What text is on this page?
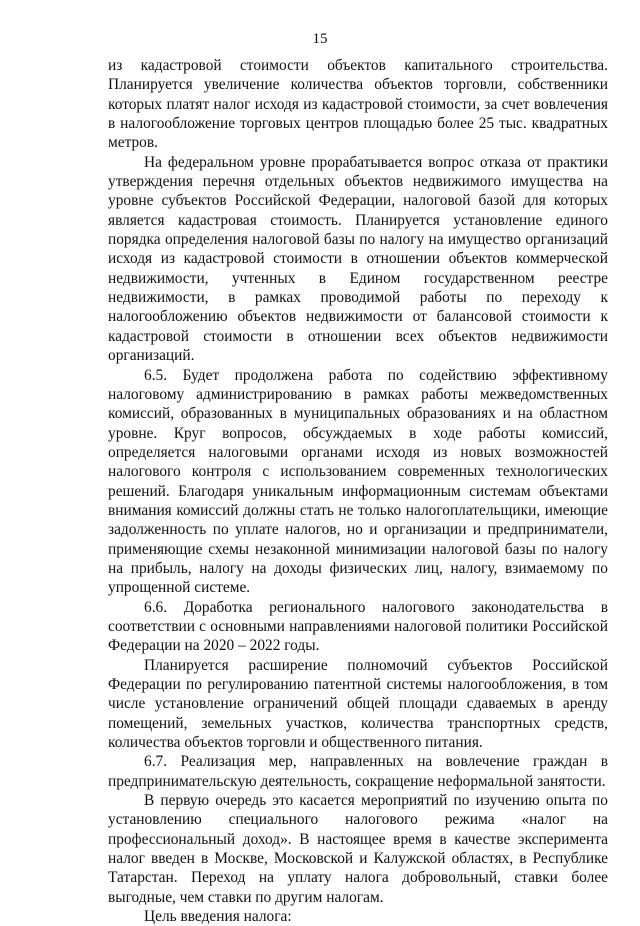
15

из кадастровой стоимости объектов капитального строительства. Планируется увеличение количества объектов торговли, собственники которых платят налог исходя из кадастровой стоимости, за счет вовлечения в налогообложение торговых центров площадью более 25 тыс. квадратных метров.

На федеральном уровне прорабатывается вопрос отказа от практики утверждения перечня отдельных объектов недвижимого имущества на уровне субъектов Российской Федерации, налоговой базой для которых является кадастровая стоимость. Планируется установление единого порядка определения налоговой базы по налогу на имущество организаций исходя из кадастровой стоимости в отношении объектов коммерческой недвижимости, учтенных в Едином государственном реестре недвижимости, в рамках проводимой работы по переходу к налогообложению объектов недвижимости от балансовой стоимости к кадастровой стоимости в отношении всех объектов недвижимости организаций.

6.5. Будет продолжена работа по содействию эффективному налоговому администрированию в рамках работы межведомственных комиссий, образованных в муниципальных образованиях и на областном уровне. Круг вопросов, обсуждаемых в ходе работы комиссий, определяется налоговыми органами исходя из новых возможностей налогового контроля с использованием современных технологических решений. Благодаря уникальным информационным системам объектами внимания комиссий должны стать не только налогоплательщики, имеющие задолженность по уплате налогов, но и организации и предприниматели, применяющие схемы незаконной минимизации налоговой базы по налогу на прибыль, налогу на доходы физических лиц, налогу, взимаемому по упрощенной системе.

6.6. Доработка регионального налогового законодательства в соответствии с основными направлениями налоговой политики Российской Федерации на 2020 – 2022 годы.

Планируется расширение полномочий субъектов Российской Федерации по регулированию патентной системы налогообложения, в том числе установление ограничений общей площади сдаваемых в аренду помещений, земельных участков, количества транспортных средств, количества объектов торговли и общественного питания.

6.7. Реализация мер, направленных на вовлечение граждан в предпринимательскую деятельность, сокращение неформальной занятости.

В первую очередь это касается мероприятий по изучению опыта по установлению специального налогового режима «налог на профессиональный доход». В настоящее время в качестве эксперимента налог введен в Москве, Московской и Калужской областях, в Республике Татарстан. Переход на уплату налога добровольный, ставки более выгодные, чем ставки по другим налогам.

Цель введения налога:
